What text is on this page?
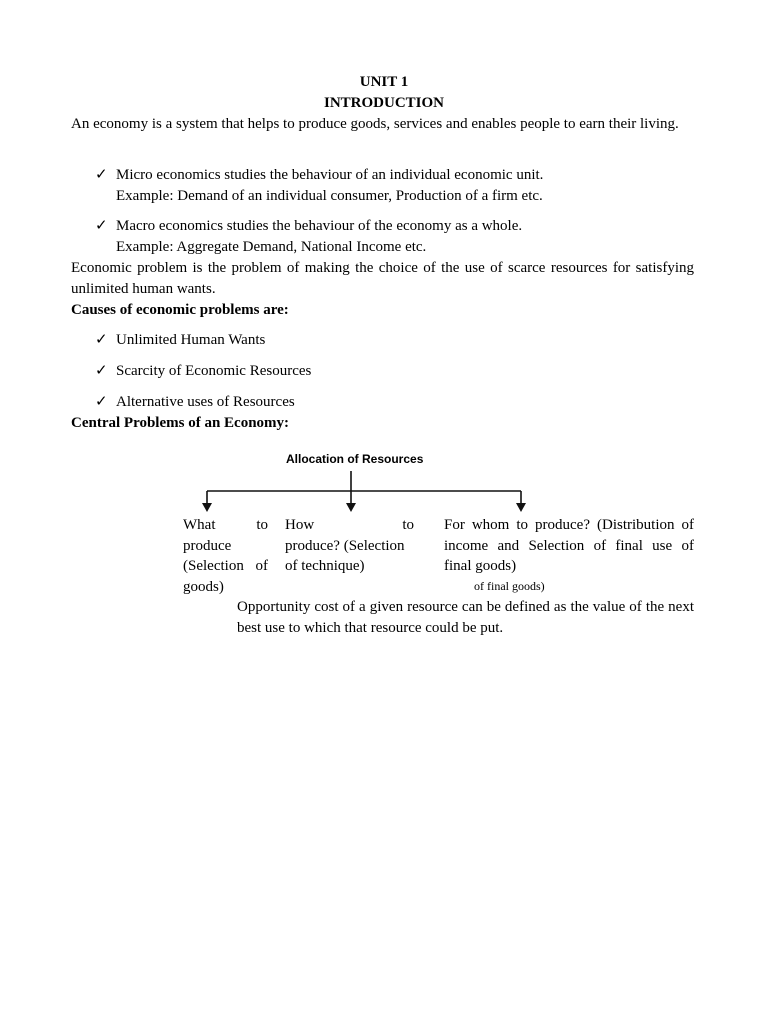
UNIT 1

INTRODUCTION

An economy is a system that helps to produce goods, services and enables people to earn their living.

✓ Micro economics studies the behaviour of an individual economic unit.

Example: Demand of an individual consumer, Production of a firm etc.

✓ Macro economics studies the behaviour of the economy as a whole.

Example: Aggregate Demand, National Income etc.

Economic problem is the problem of making the choice of the use of scarce resources for satisfying unlimited human wants.

Causes of economic problems are:

✓ Unlimited Human Wants

✓ Scarcity of Economic Resources

✓ Alternative uses of Resources

Central Problems of an Economy:

Allocation of Resources
What to
produce
(Selection of
goods)
How to
produce? (Selection
of technique)
For whom to produce? (Distribution of
income and Selection of final use of
final goods)
of final goods)

Opportunity cost of a given resource can be defined as the value of the next best use to which that resource could be put.
